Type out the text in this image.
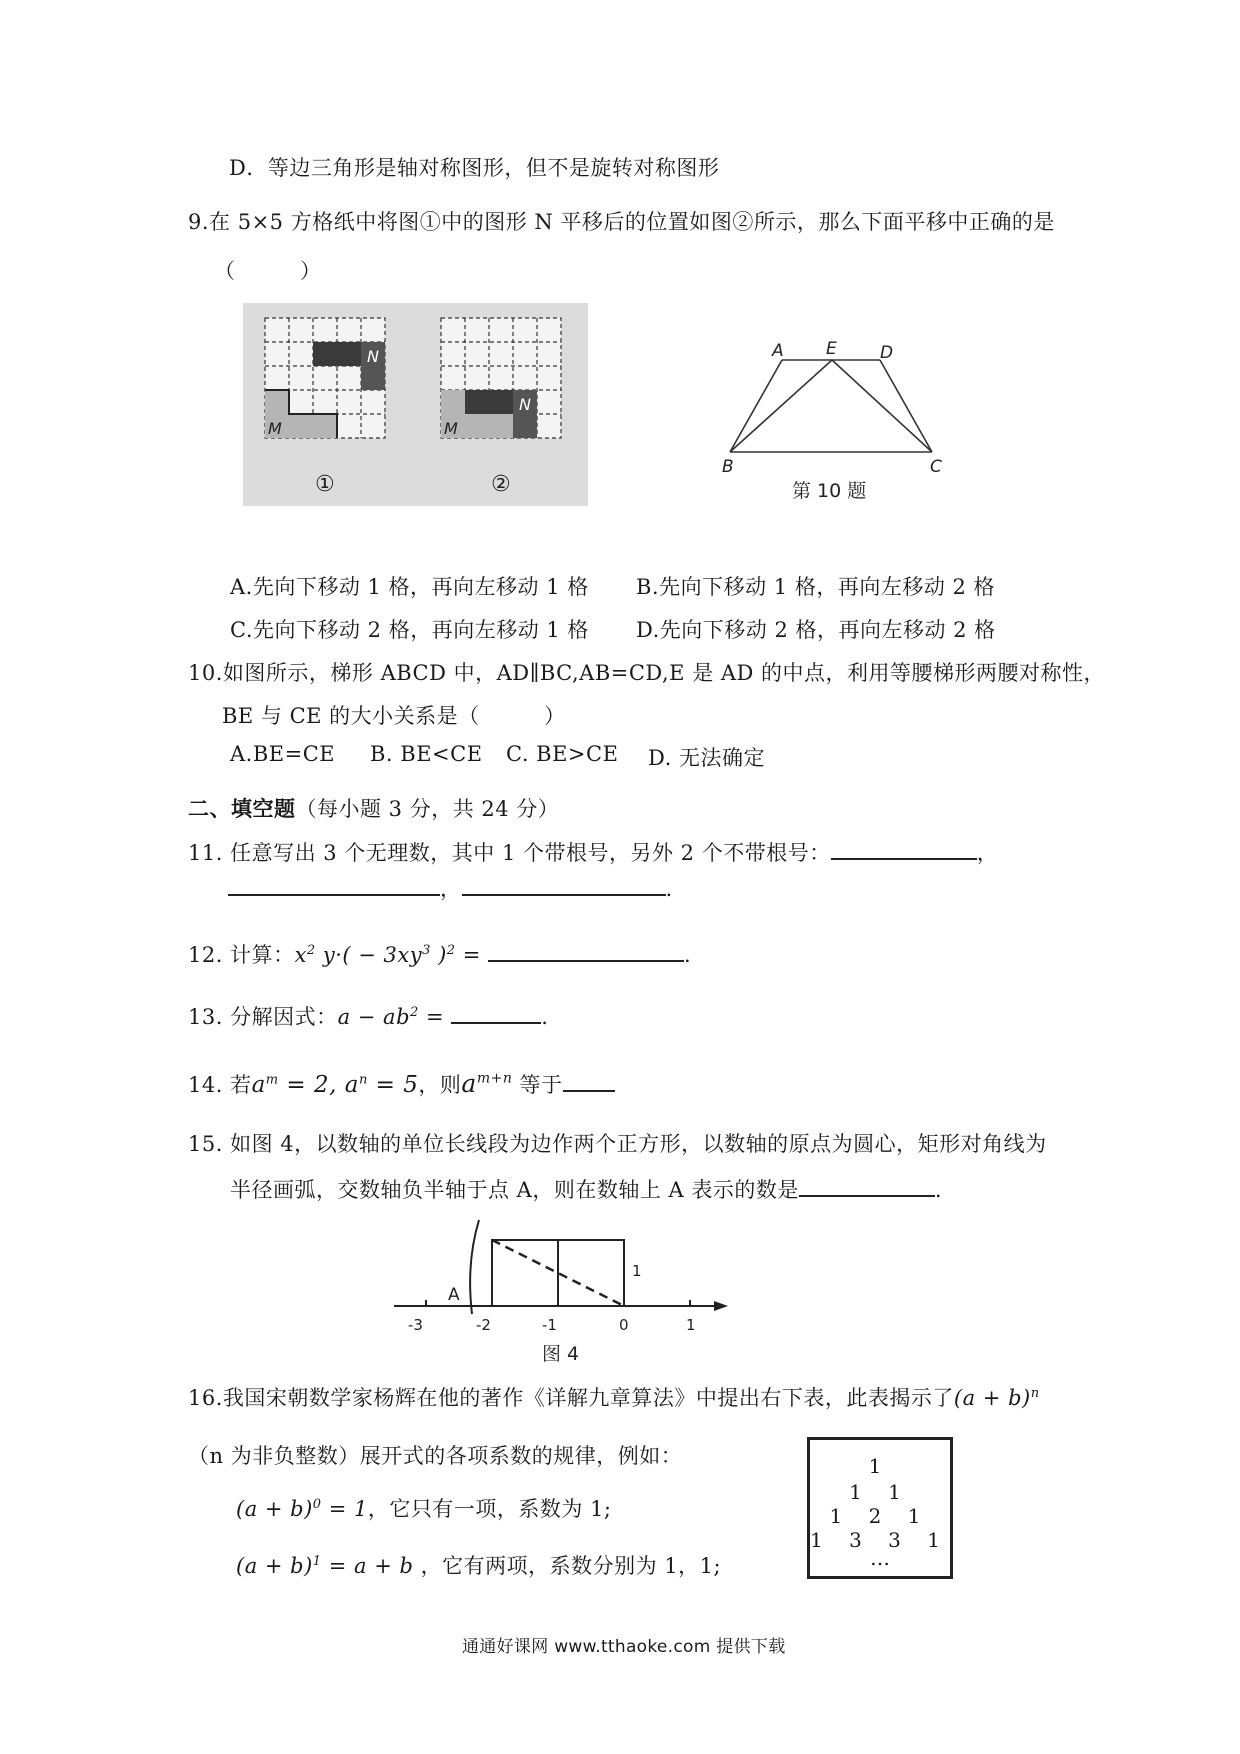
D．等边三角形是轴对称图形，但不是旋转对称图形
9.在 5×5 方格纸中将图①中的图形 N 平移后的位置如图②所示，那么下面平移中正确的是
（　　　）
N
M
N
M
①	②
A E	D
B	C
第 10 题
A.先向下移动 1 格，再向左移动 1 格 B.先向下移动 1 格，再向左移动 2 格
C.先向下移动 2 格，再向左移动 1 格 D.先向下移动 2 格，再向左移动 2 格
10.如图所示，梯形 ABCD 中，AD∥BC,AB=CD,E 是 AD 的中点，利用等腰梯形两腰对称性，
BE 与 CE 的大小关系是（　　　）
A.BE=CE B. BE<CE C. BE>CE D. 无法确定
二、填空题（每小题 3 分，共 24 分）
11. 任意写出 3 个无理数，其中 1 个带根号，另外 2 个不带根号：	，
，	.
12. 计算：$x^2$ $y\cdot( - 3xy^3$ )$^2$ =	.
13. 分解因式：$a - ab^2$ =	.
14. 若$a^m = 2$, $a^n = 5$，则$a^{m+n}$ 等于
15. 如图 4，以数轴的单位长线段为边作两个正方形，以数轴的原点为圆心，矩形对角线为
半径画弧，交数轴负半轴于点 A，则在数轴上 A 表示的数是	.
A
1
-3	-2	-1	0	1
图 4
16.我国宋朝数学家杨辉在他的著作《详解九章算法》中提出右下表，此表揭示了$(a + b)^n$
（n 为非负整数）展开式的各项系数的规律，例如：
$(a + b)^0 = 1$，它只有一项，系数为 1;
$(a + b)^1 = a + b$ ，它有两项，系数分别为 1，1;
1
1 1
1 2 1
1 3 3 1
…
通通好课网 www.tthaoke.com 提供下载
